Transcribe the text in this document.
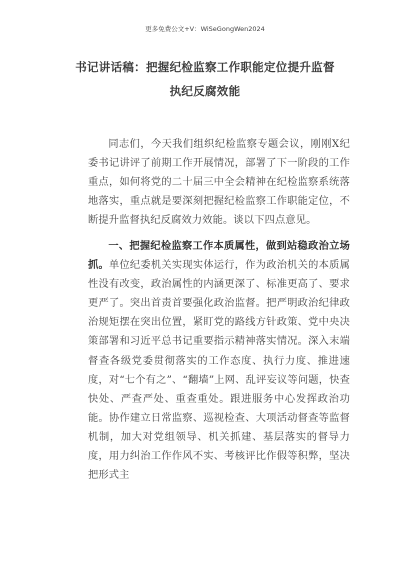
更多免费公文+V：WiSeGongWen2024
书记讲话稿：把握纪检监察工作职能定位提升监督执纪反腐效能
同志们，今天我们组织纪检监察专题会议，刚刚X纪委书记讲评了前期工作开展情况，部署了下一阶段的工作重点，如何将党的二十届三中全会精神在纪检监察系统落地落实，重点就是要深刻把握纪检监察工作职能定位，不断提升监督执纪反腐效力效能。谈以下四点意见。
一、把握纪检监察工作本质属性，做到站稳政治立场抓。单位纪委机关实现实体运行，作为政治机关的本质属性没有改变，政治属性的内涵更深了、标准更高了、要求更严了。突出首责首要强化政治监督。把严明政治纪律政治规矩摆在突出位置，紧盯党的路线方针政策、党中央决策部署和习近平总书记重要指示精神落实情况。深入末端督查各级党委贯彻落实的工作态度、执行力度、推进速度，对“七个有之”、“翻墙”上网、乱评妄议等问题，快查快处、严查严处、重查重处。跟进服务中心发挥政治功能。协作建立日常监察、巡视检查、大项活动督查等监督机制，加大对党组领导、机关抓建、基层落实的督导力度，用力纠治工作作风不实、考核评比作假等积弊，坚决把形式主
